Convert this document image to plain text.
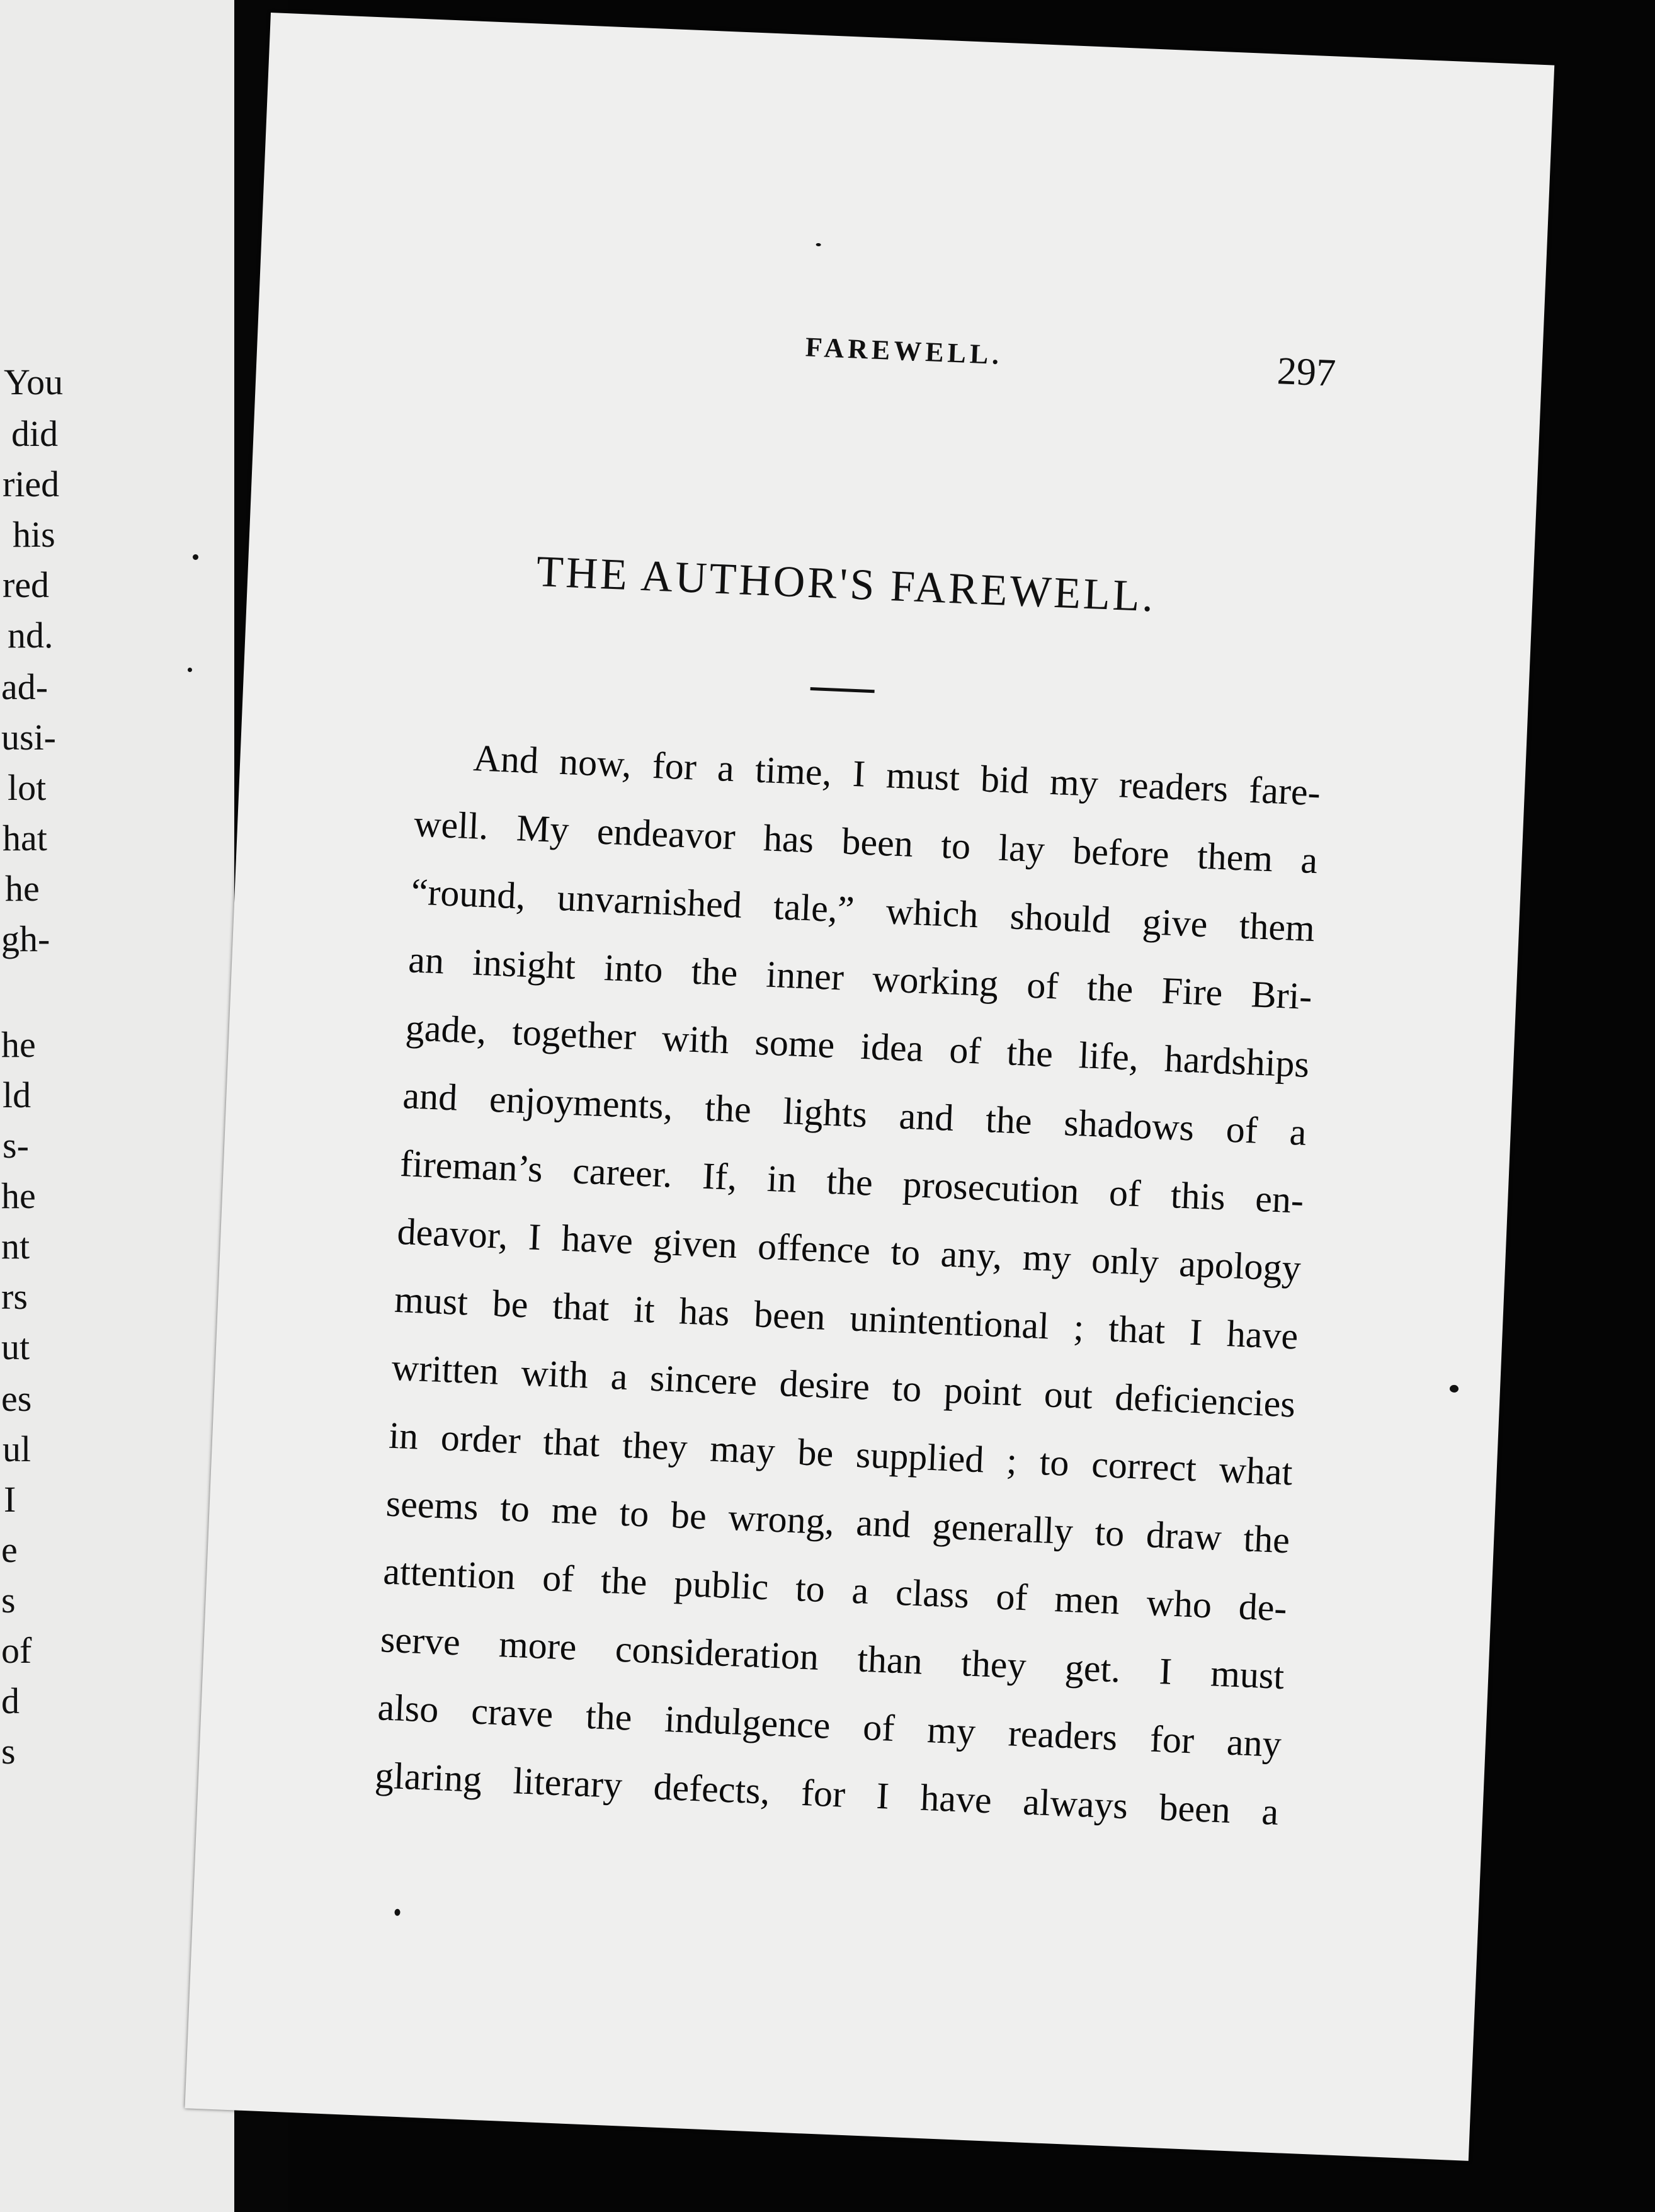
You
did
ried
his
red
nd.
ad-
usi-
lot
hat
he
gh-
he
ld
s-
he
nt
rs
ut
es
ul
I
e
s
of
d
s
FAREWELL.	297
THE AUTHOR'S FAREWELL.
And now, for a time, I must bid my readers fare-
well. My endeavor has been to lay before them a
“round, unvarnished tale,” which should give them
an insight into the inner working of the Fire Bri-
gade, together with some idea of the life, hardships
and enjoyments, the lights and the shadows of a
fireman’s career. If, in the prosecution of this en-
deavor, I have given offence to any, my only apology
must be that it has been unintentional ; that I have
written with a sincere desire to point out deficiencies
in order that they may be supplied ; to correct what
seems to me to be wrong, and generally to draw the
attention of the public to a class of men who de-
serve more consideration than they get. I must
also crave the indulgence of my readers for any
glaring literary defects, for I have always been a
